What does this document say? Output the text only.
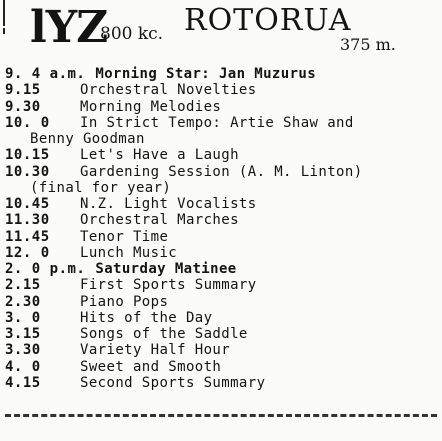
lYZ
800 kc. ROTORUA
375 m.
9. 4 a.m. Morning Star: Jan Muzurus
9.15	Orchestral Novelties
9.30	Morning Melodies
10. 0	In Strict Tempo: Artie Shaw and
Benny Goodman
10.15	Let's Have a Laugh
10.30	Gardening Session (A. M. Linton)
(final for year)
10.45	N.Z. Light Vocalists
11.30	Orchestral Marches
11.45	Tenor Time
12. 0	Lunch Music
2. 0 p.m. Saturday Matinee
2.15	First Sports Summary
2.30	Piano Pops
3. 0	Hits of the Day
3.15	Songs of the Saddle
3.30	Variety Half Hour
4. 0	Sweet and Smooth
4.15	Second Sports Summary
